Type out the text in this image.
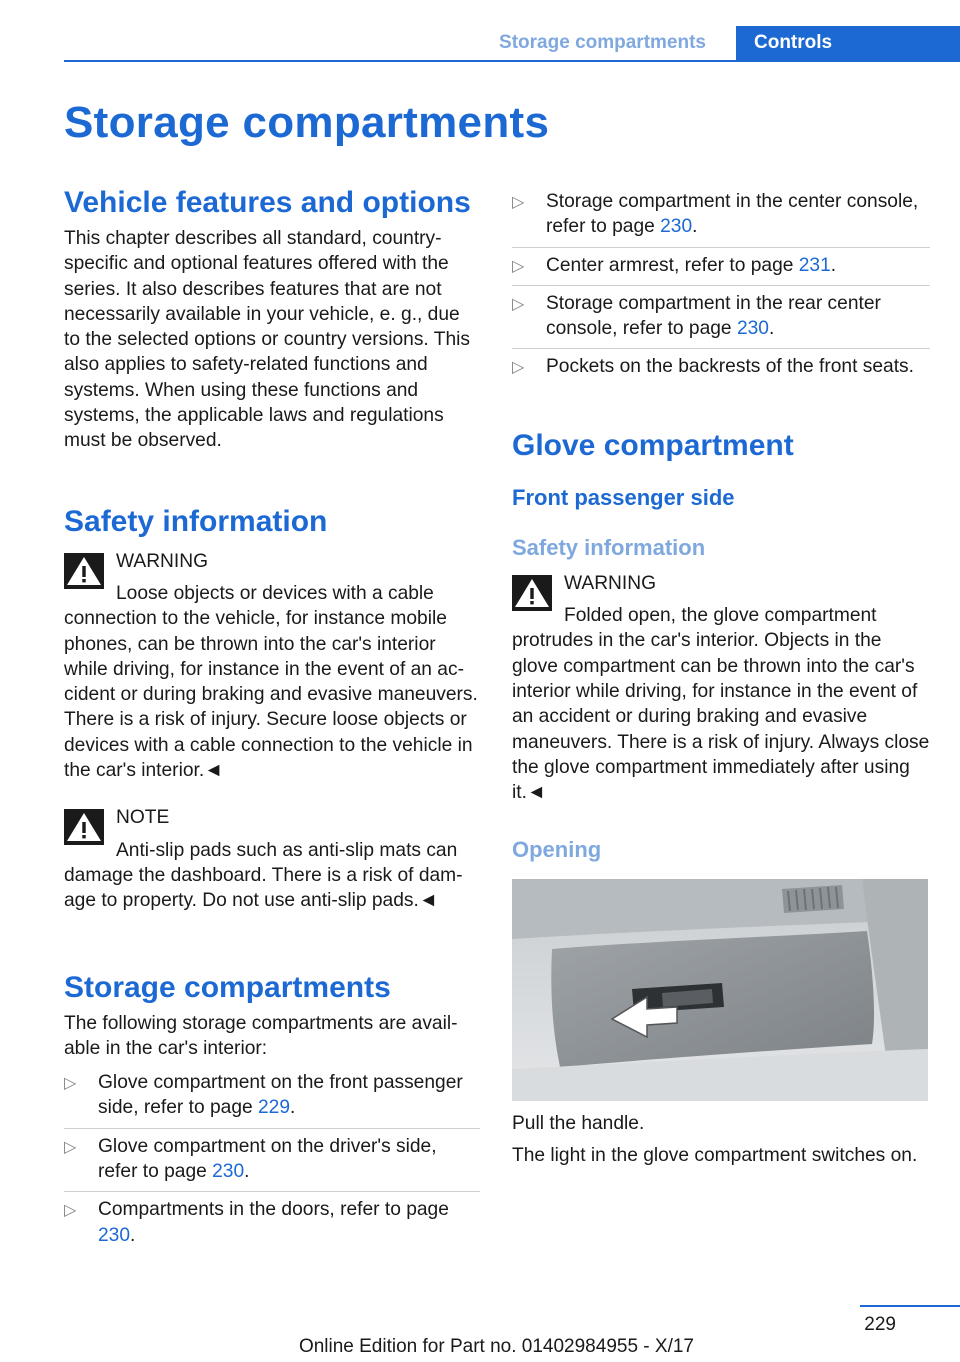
Storage compartments	Controls
Storage compartments
Vehicle features and options

This chapter describes all standard, country-specific and optional features offered with the series. It also describes features that are not necessarily available in your vehicle, e. g., due to the selected options or country versions. This also applies to safety-related functions and systems. When using these functions and systems, the applicable laws and regulations must be observed.

Safety information
WARNING
Loose objects or devices with a cable

connection to the vehicle, for instance mobile phones, can be thrown into the car's interior while driving, for instance in the event of an accident or during braking and evasive maneuvers. There is a risk of injury. Secure loose objects or devices with a cable connection to the vehicle in the car's interior.◄

NOTE
Anti-slip pads such as anti-slip mats can

damage the dashboard. There is a risk of damage to property. Do not use anti-slip pads.◄

Storage compartments

The following storage compartments are available in the car's interior:

▷ Glove compartment on the front passenger side, refer to page 229.
▷ Glove compartment on the driver's side, refer to page 230.
▷ Compartments in the doors, refer to page 230.
▷ Storage compartment in the center console, refer to page 230.
▷ Center armrest, refer to page 231.
▷ Storage compartment in the rear center console, refer to page 230.
▷ Pockets on the backrests of the front seats.
Glove compartment
Front passenger side
Safety information
WARNING
Folded open, the glove compartment

protrudes in the car's interior. Objects in the glove compartment can be thrown into the car's interior while driving, for instance in the event of an accident or during braking and evasive maneuvers. There is a risk of injury. Always close the glove compartment immediately after using it.◄

Opening

Pull the handle.

The light in the glove compartment switches on.

229
Online Edition for Part no. 01402984955 - X/17
